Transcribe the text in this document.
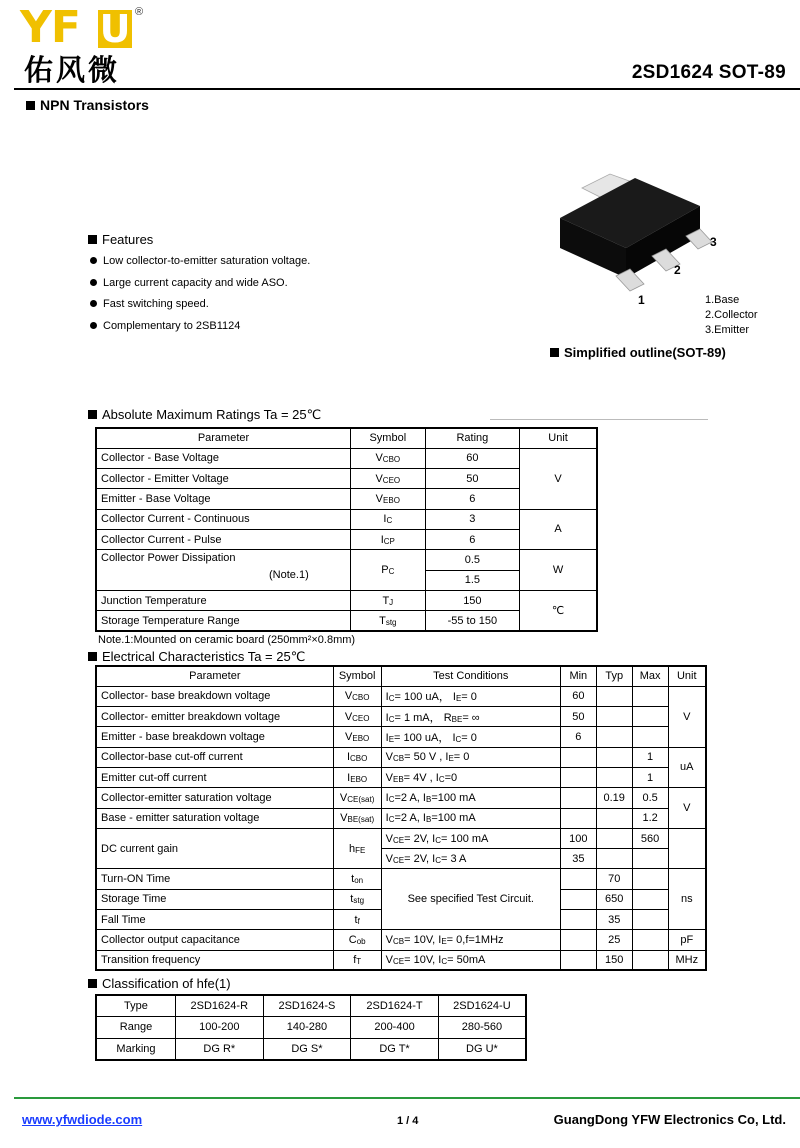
YF U ®
佑风微	2SD1624 SOT-89
NPN Transistors
Features
Low collector-to-emitter saturation voltage.
Large current capacity and wide ASO.
Fast switching speed.
Complementary to 2SB1124
1
2
3
1.Base
2.Collector
3.Emitter
Simplified outline(SOT-89)
Absolute Maximum Ratings Ta = 25℃
Parameter	Symbol	Rating	Unit
Collector - Base Voltage	VCBO	60	V
Collector - Emitter Voltage	VCEO	50	
Emitter - Base Voltage	VEBO	6	
Collector Current - Continuous	IC	3	A
Collector Current - Pulse	ICP	6	

Collector Power Dissipation
(Note.1)	PC	0.5	W
		1.5	
Junction Temperature	TJ	150	℃
Storage Temperature Range	Tstg	-55 to 150	
Note.1:Mounted on ceramic board (250mm²×0.8mm)
Electrical Characteristics Ta = 25℃
Parameter	Symbol	Test Conditions	Min	Typ	Max	Unit
Collector- base breakdown voltage	VCBO	IC= 100 uA， IE= 0	60			V
Collector- emitter breakdown voltage	VCEO	IC= 1 mA， RBE= ∞	50			
Emitter - base breakdown voltage	VEBO	IE= 100 uA， IC= 0	6			
Collector-base cut-off current	ICBO	VCB= 50 V , IE= 0			1	uA
Emitter cut-off current	IEBO	VEB= 4V , IC=0			1	
Collector-emitter saturation voltage	VCE(sat)	IC=2 A, IB=100 mA		0.19	0.5	V
Base - emitter saturation voltage	VBE(sat)	IC=2 A, IB=100 mA			1.2	
DC current gain	hFE	VCE= 2V, IC= 100 mA	100		560	
		VCE= 2V, IC= 3 A	35			
Turn-ON Time	ton	See specified Test Circuit.		70		ns
Storage Time	tstg			650		
Fall Time	tf			35		
Collector output capacitance	Cob	VCB= 10V, IE= 0,f=1MHz		25		pF
Transition frequency	fT	VCE= 10V, IC= 50mA		150		MHz
Classification of hfe(1)
Type	2SD1624-R	2SD1624-S	2SD1624-T	2SD1624-U
Range	100-200	140-280	200-400	280-560
Marking	DG R*	DG S*	DG T*	DG U*
www.yfwdiode.com	1 / 4	GuangDong YFW Electronics Co, Ltd.
